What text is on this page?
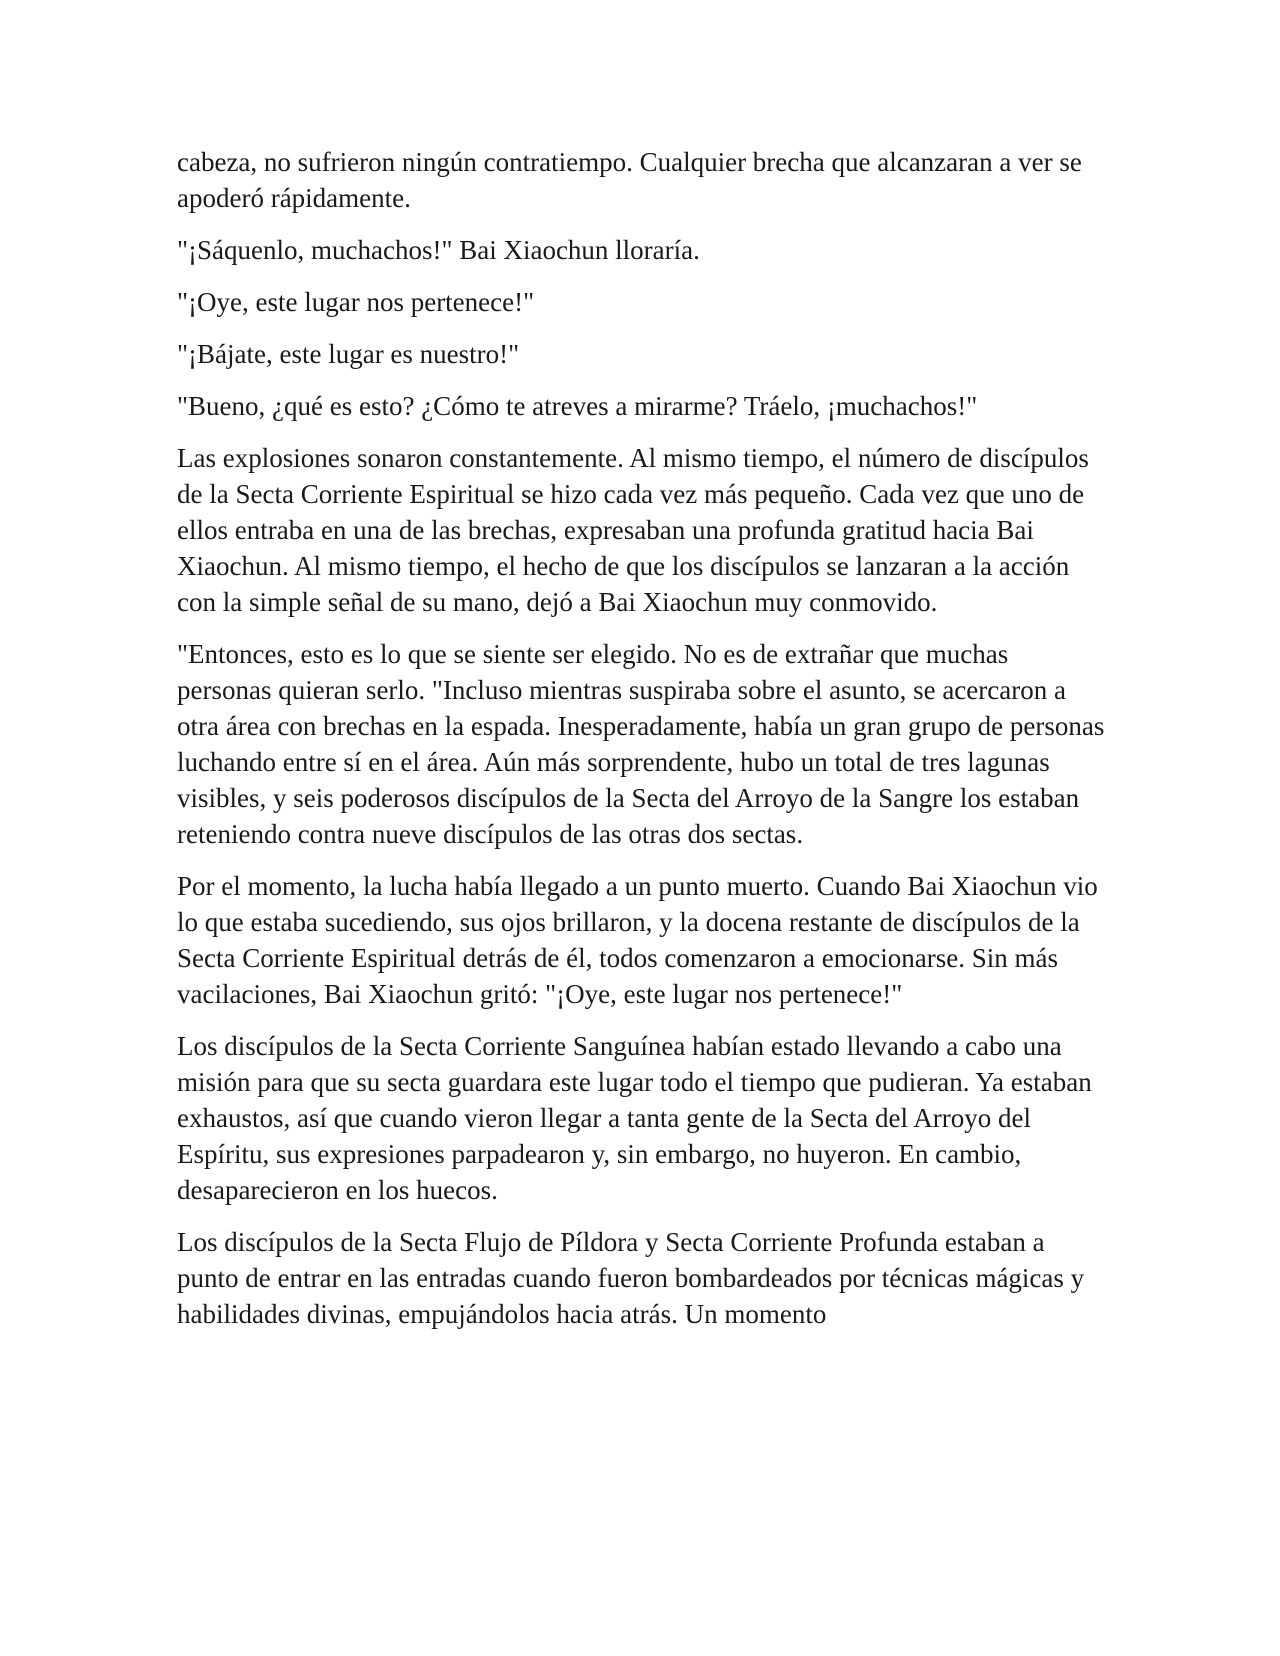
cabeza, no sufrieron ningún contratiempo. Cualquier brecha que alcanzaran a ver se apoderó rápidamente.

"¡Sáquenlo, muchachos!" Bai Xiaochun lloraría.

"¡Oye, este lugar nos pertenece!"

"¡Bájate, este lugar es nuestro!"

"Bueno, ¿qué es esto? ¿Cómo te atreves a mirarme? Tráelo, ¡muchachos!"

Las explosiones sonaron constantemente. Al mismo tiempo, el número de discípulos de la Secta Corriente Espiritual se hizo cada vez más pequeño. Cada vez que uno de ellos entraba en una de las brechas, expresaban una profunda gratitud hacia Bai Xiaochun. Al mismo tiempo, el hecho de que los discípulos se lanzaran a la acción con la simple señal de su mano, dejó a Bai Xiaochun muy conmovido.

"Entonces, esto es lo que se siente ser elegido. No es de extrañar que muchas personas quieran serlo. "Incluso mientras suspiraba sobre el asunto, se acercaron a otra área con brechas en la espada. Inesperadamente, había un gran grupo de personas luchando entre sí en el área. Aún más sorprendente, hubo un total de tres lagunas visibles, y seis poderosos discípulos de la Secta del Arroyo de la Sangre los estaban reteniendo contra nueve discípulos de las otras dos sectas.

Por el momento, la lucha había llegado a un punto muerto. Cuando Bai Xiaochun vio lo que estaba sucediendo, sus ojos brillaron, y la docena restante de discípulos de la Secta Corriente Espiritual detrás de él, todos comenzaron a emocionarse. Sin más vacilaciones, Bai Xiaochun gritó: "¡Oye, este lugar nos pertenece!"

Los discípulos de la Secta Corriente Sanguínea habían estado llevando a cabo una misión para que su secta guardara este lugar todo el tiempo que pudieran. Ya estaban exhaustos, así que cuando vieron llegar a tanta gente de la Secta del Arroyo del Espíritu, sus expresiones parpadearon y, sin embargo, no huyeron. En cambio, desaparecieron en los huecos.

Los discípulos de la Secta Flujo de Píldora y Secta Corriente Profunda estaban a punto de entrar en las entradas cuando fueron bombardeados por técnicas mágicas y habilidades divinas, empujándolos hacia atrás. Un momento
